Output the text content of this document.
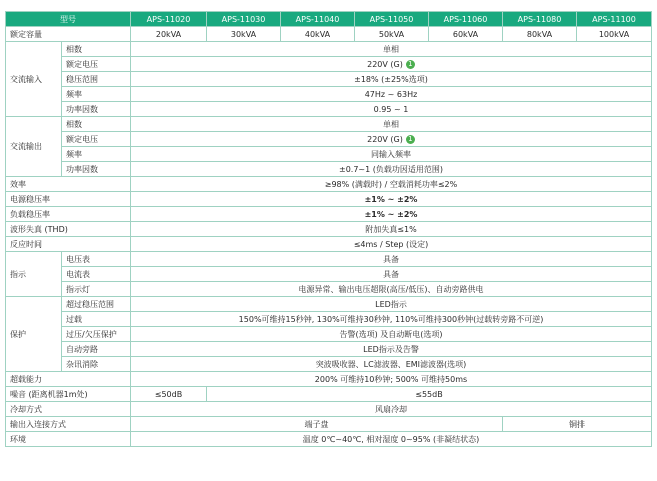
型号		APS-11020	APS-11030	APS-11040	APS-11050	APS-11060	APS-11080	APS-11100
额定容量		20kVA	30kVA	40kVA	50kVA	60kVA	80kVA	100kVA
交流输入	相数	单相						
	额定电压	220V (G) 1						
	稳压范围	±18% (±25%选项)						
	频率	47Hz ~ 63Hz						
	功率因数	0.95 ~ 1						
交流输出	相数	单相						
	额定电压	220V (G) 1						
	频率	同输入频率						
	功率因数	±0.7~1 (负载功因适用范围)						
效率		≥98% (满载时) / 空载消耗功率≤2%						
电源稳压率		±1% ~ ±2%						
负载稳压率		±1% ~ ±2%						
波形失真 (THD)		附加失真≤1%						
反应时间		≤4ms / Step (设定)						
指示	电压表	具备						
	电流表	具备						
	指示灯	电源异常、输出电压超限(高压/低压)、自动旁路供电						
保护	超过稳压范围	LED指示						
	过载	150%可维持15秒钟, 130%可维持30秒钟, 110%可维持300秒钟(过载转旁路不可逆)						
	过压/欠压保护	告警(选项) 及自动断电(选项)						
	自动旁路	LED指示及告警						
	杂讯消除	突波吸收器、LC滤波器、EMI滤波器(选项)						
超载能力		200% 可维持10秒钟; 500% 可维持50ms						
噪音 (距离机器1m处)		≤50dB	≤55dB					
冷却方式		风扇冷却						
输出入连接方式		端子盘					铜排	
环境		温度 0℃~40℃, 相对湿度 0~95% (非凝结状态)						
